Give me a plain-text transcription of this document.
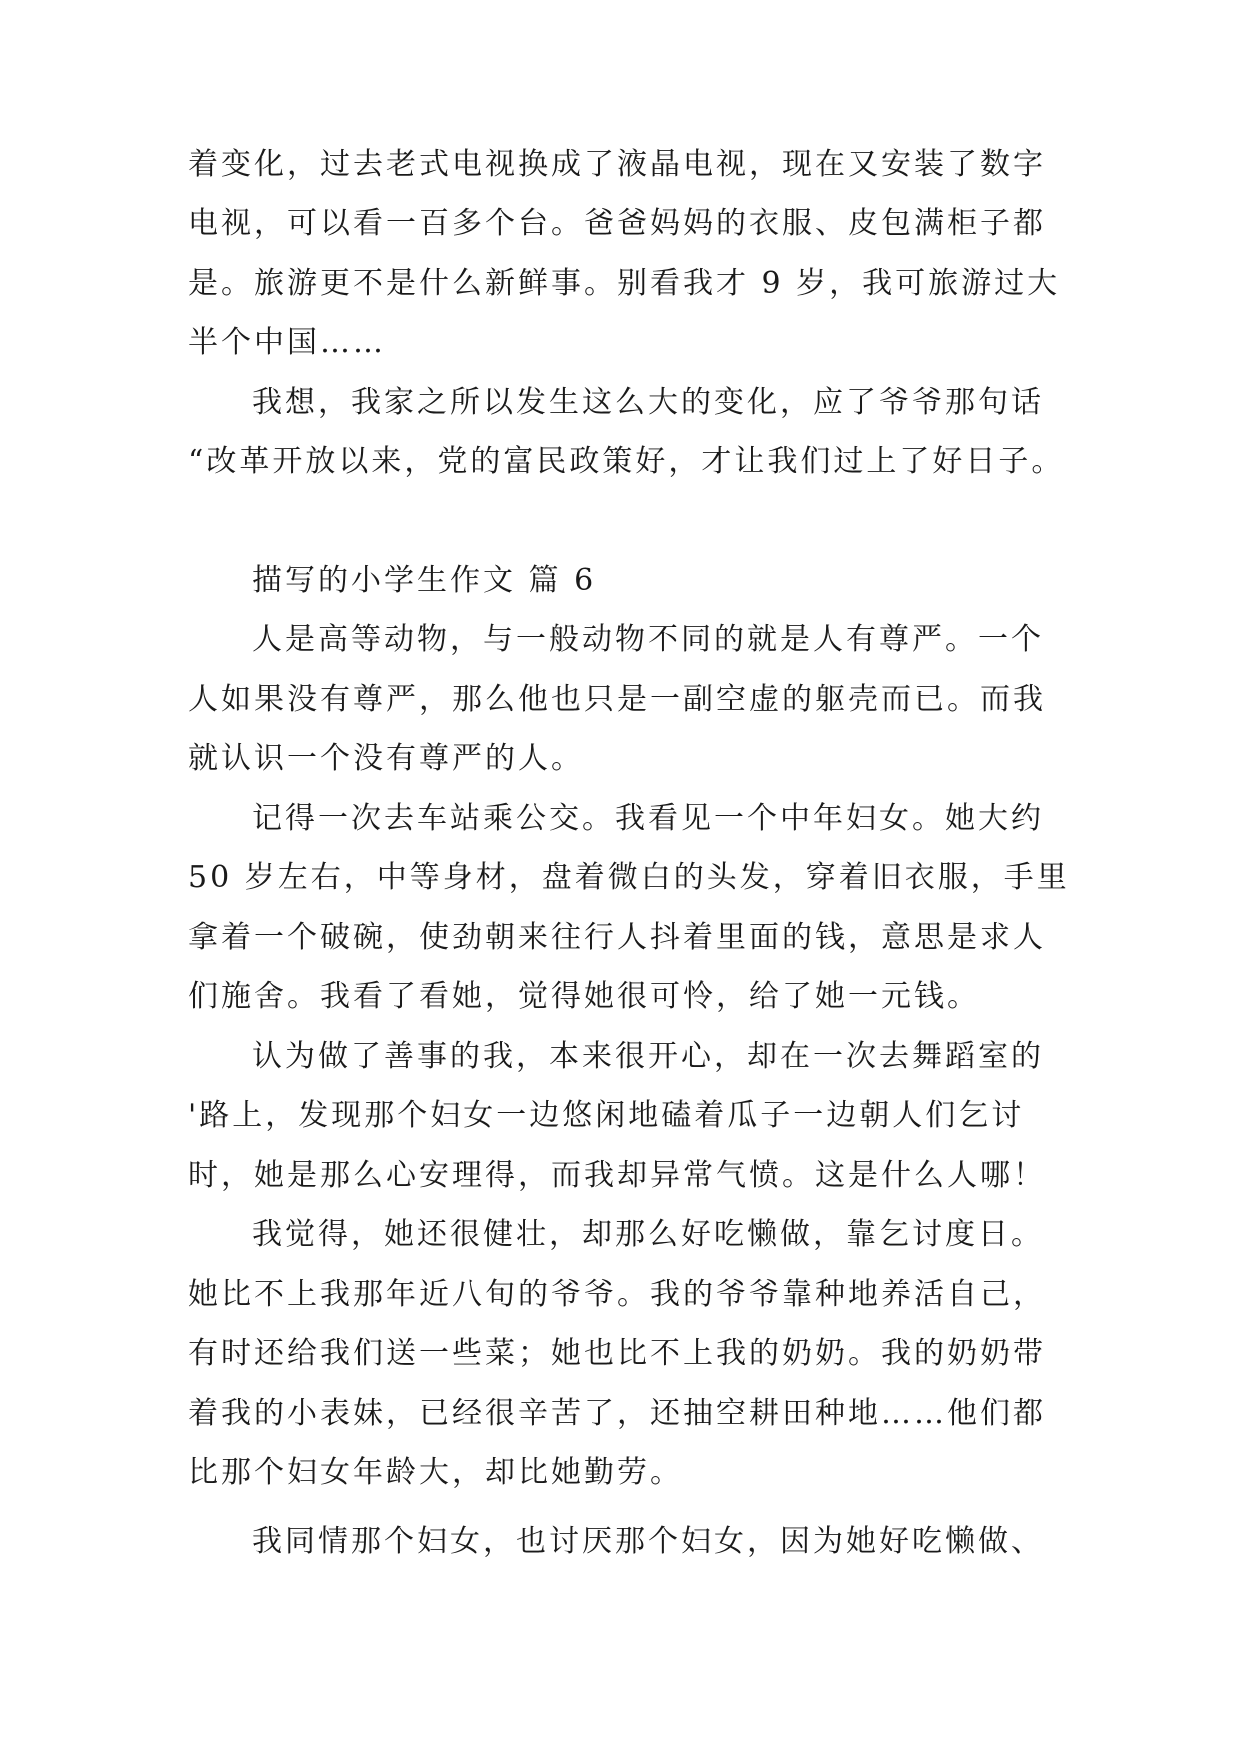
着变化，过去老式电视换成了液晶电视，现在又安装了数字
电视，可以看一百多个台。爸爸妈妈的衣服、皮包满柜子都
是。旅游更不是什么新鲜事。别看我才 9 岁，我可旅游过大
半个中国……
我想，我家之所以发生这么大的变化，应了爷爷那句话
“改革开放以来，党的富民政策好，才让我们过上了好日子。
描写的小学生作文 篇 6
人是高等动物，与一般动物不同的就是人有尊严。一个
人如果没有尊严，那么他也只是一副空虚的躯壳而已。而我
就认识一个没有尊严的人。
记得一次去车站乘公交。我看见一个中年妇女。她大约
50 岁左右，中等身材，盘着微白的头发，穿着旧衣服，手里
拿着一个破碗，使劲朝来往行人抖着里面的钱，意思是求人
们施舍。我看了看她，觉得她很可怜，给了她一元钱。
认为做了善事的我，本来很开心，却在一次去舞蹈室的
'路上，发现那个妇女一边悠闲地磕着瓜子一边朝人们乞讨
时，她是那么心安理得，而我却异常气愤。这是什么人哪！
我觉得，她还很健壮，却那么好吃懒做，靠乞讨度日。
她比不上我那年近八旬的爷爷。我的爷爷靠种地养活自己，
有时还给我们送一些菜；她也比不上我的奶奶。我的奶奶带
着我的小表妹，已经很辛苦了，还抽空耕田种地……他们都
比那个妇女年龄大，却比她勤劳。
我同情那个妇女，也讨厌那个妇女，因为她好吃懒做、
